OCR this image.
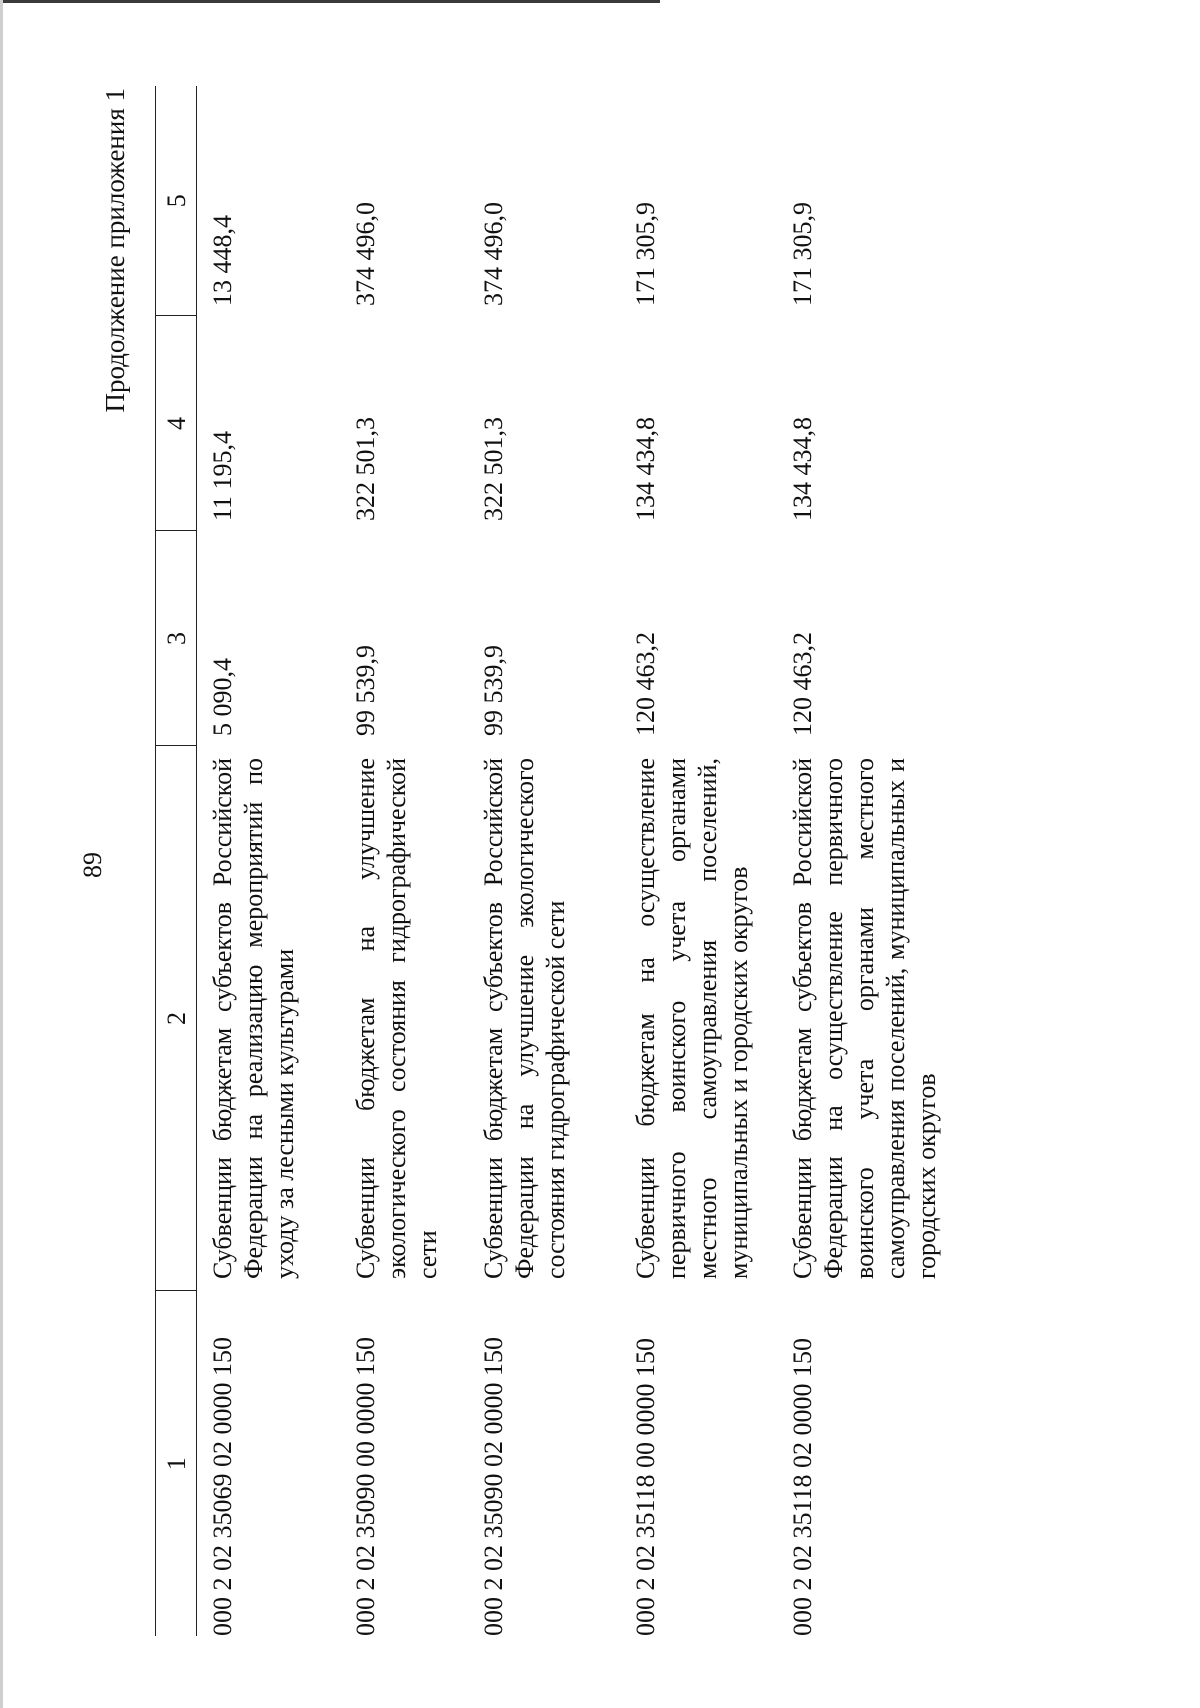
89
Продолжение приложения 1
1	2	3	4	5
000 2 02 35069 02 0000 150	Субвенции бюджетам субъектов Российской Федерации на реализацию мероприятий по уходу за лесными культурами	5 090,4	11 195,4	13 448,4
000 2 02 35090 00 0000 150	Субвенции бюджетам на улучшение экологического состояния гидрографической сети	99 539,9	322 501,3	374 496,0
000 2 02 35090 02 0000 150	Субвенции бюджетам субъектов Российской Федерации на улучшение экологического состояния гидрографической сети	99 539,9	322 501,3	374 496,0
000 2 02 35118 00 0000 150	Субвенции бюджетам на осуществление первичного воинского учета органами местного самоуправления поселений, муниципальных и городских округов	120 463,2	134 434,8	171 305,9
000 2 02 35118 02 0000 150	Субвенции бюджетам субъектов Российской Федерации на осуществление первичного воинского учета органами местного самоуправления поселений, муниципальных и городских округов	120 463,2	134 434,8	171 305,9
